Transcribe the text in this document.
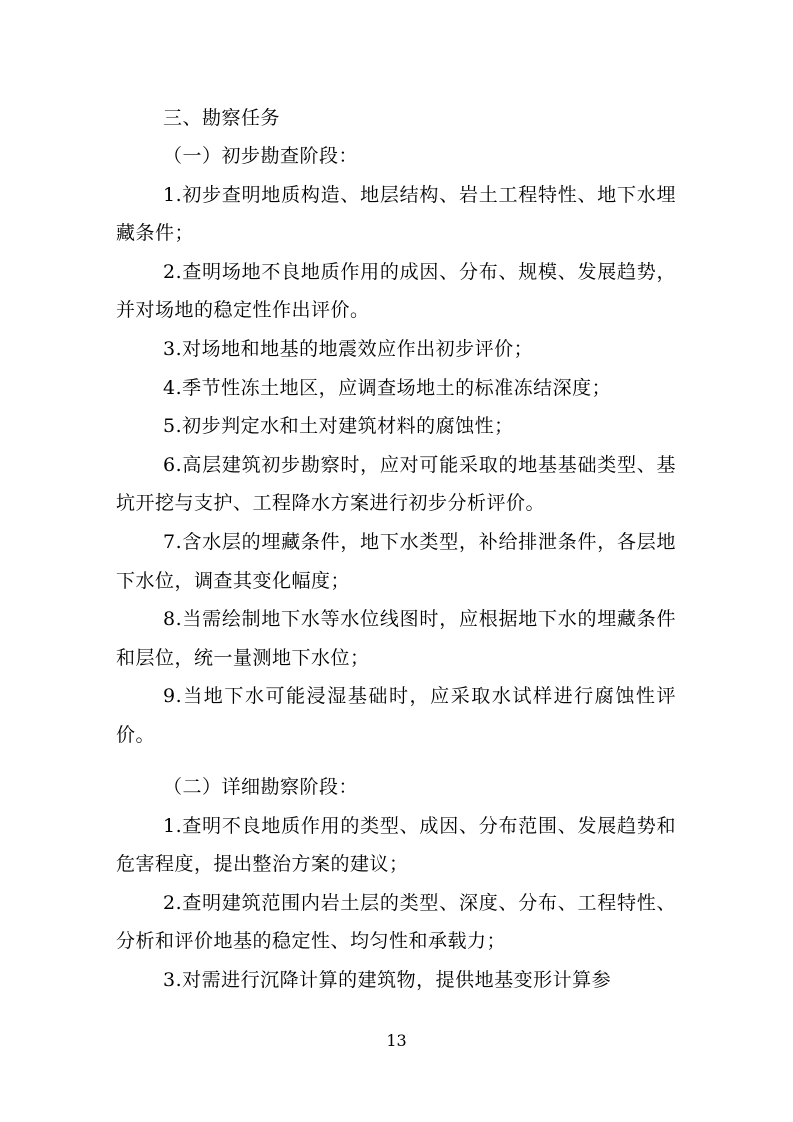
三、勘察任务
（一）初步勘查阶段：
1.初步查明地质构造、地层结构、岩土工程特性、地下水埋藏条件；
2.查明场地不良地质作用的成因、分布、规模、发展趋势，并对场地的稳定性作出评价。
3.对场地和地基的地震效应作出初步评价；
4.季节性冻土地区，应调查场地土的标准冻结深度；
5.初步判定水和土对建筑材料的腐蚀性；
6.高层建筑初步勘察时，应对可能采取的地基基础类型、基坑开挖与支护、工程降水方案进行初步分析评价。
7.含水层的埋藏条件，地下水类型，补给排泄条件，各层地下水位，调查其变化幅度；
8.当需绘制地下水等水位线图时，应根据地下水的埋藏条件和层位，统一量测地下水位；
9.当地下水可能浸湿基础时，应采取水试样进行腐蚀性评价。
（二）详细勘察阶段：
1.查明不良地质作用的类型、成因、分布范围、发展趋势和危害程度，提出整治方案的建议；
2.查明建筑范围内岩土层的类型、深度、分布、工程特性、分析和评价地基的稳定性、均匀性和承载力；
3.对需进行沉降计算的建筑物，提供地基变形计算参
13
